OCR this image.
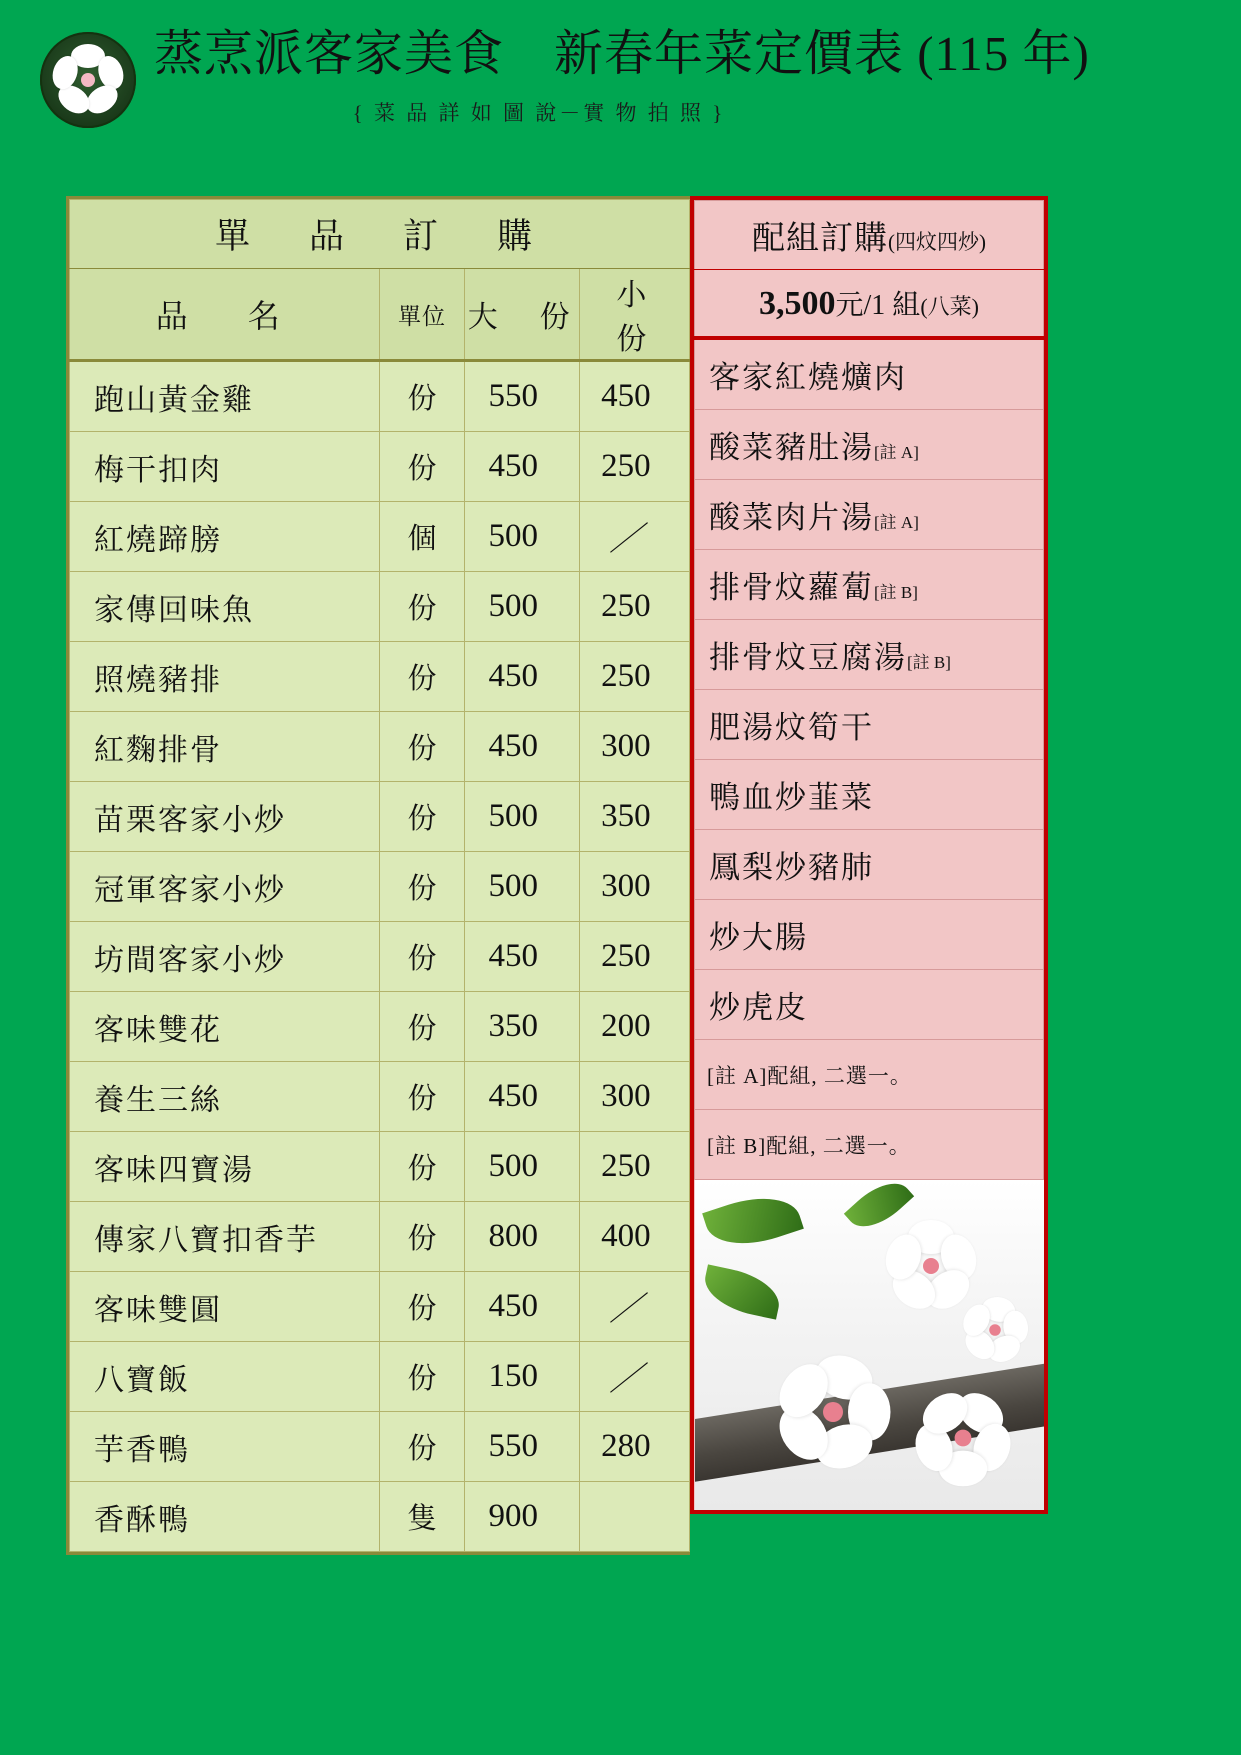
蒸烹派客家美食　新春年菜定價表 (115 年)
{ 菜 品 詳 如 圖 說－實 物 拍 照 }
單　品　訂　購			
品　名	單位	大　份	小　份
跑山黃金雞	份	550	450
梅干扣肉	份	450	250
紅燒蹄膀	個	500	／
家傳回味魚	份	500	250
照燒豬排	份	450	250
紅麴排骨	份	450	300
苗栗客家小炒	份	500	350
冠軍客家小炒	份	500	300
坊間客家小炒	份	450	250
客味雙花	份	350	200
養生三絲	份	450	300
客味四寶湯	份	500	250
傳家八寶扣香芋	份	800	400
客味雙圓	份	450	／
八寶飯	份	150	／
芋香鴨	份	550	280
香酥鴨	隻	900	
配組訂購(四炆四炒)
3,500元/1 組(八菜)
客家紅燒爌肉
酸菜豬肚湯[註 A]
酸菜肉片湯[註 A]
排骨炆蘿蔔[註 B]
排骨炆豆腐湯[註 B]
肥湯炆筍干
鴨血炒韮菜
鳳梨炒豬肺
炒大腸
炒虎皮
[註 A]配組, 二選一。
[註 B]配組, 二選一。
